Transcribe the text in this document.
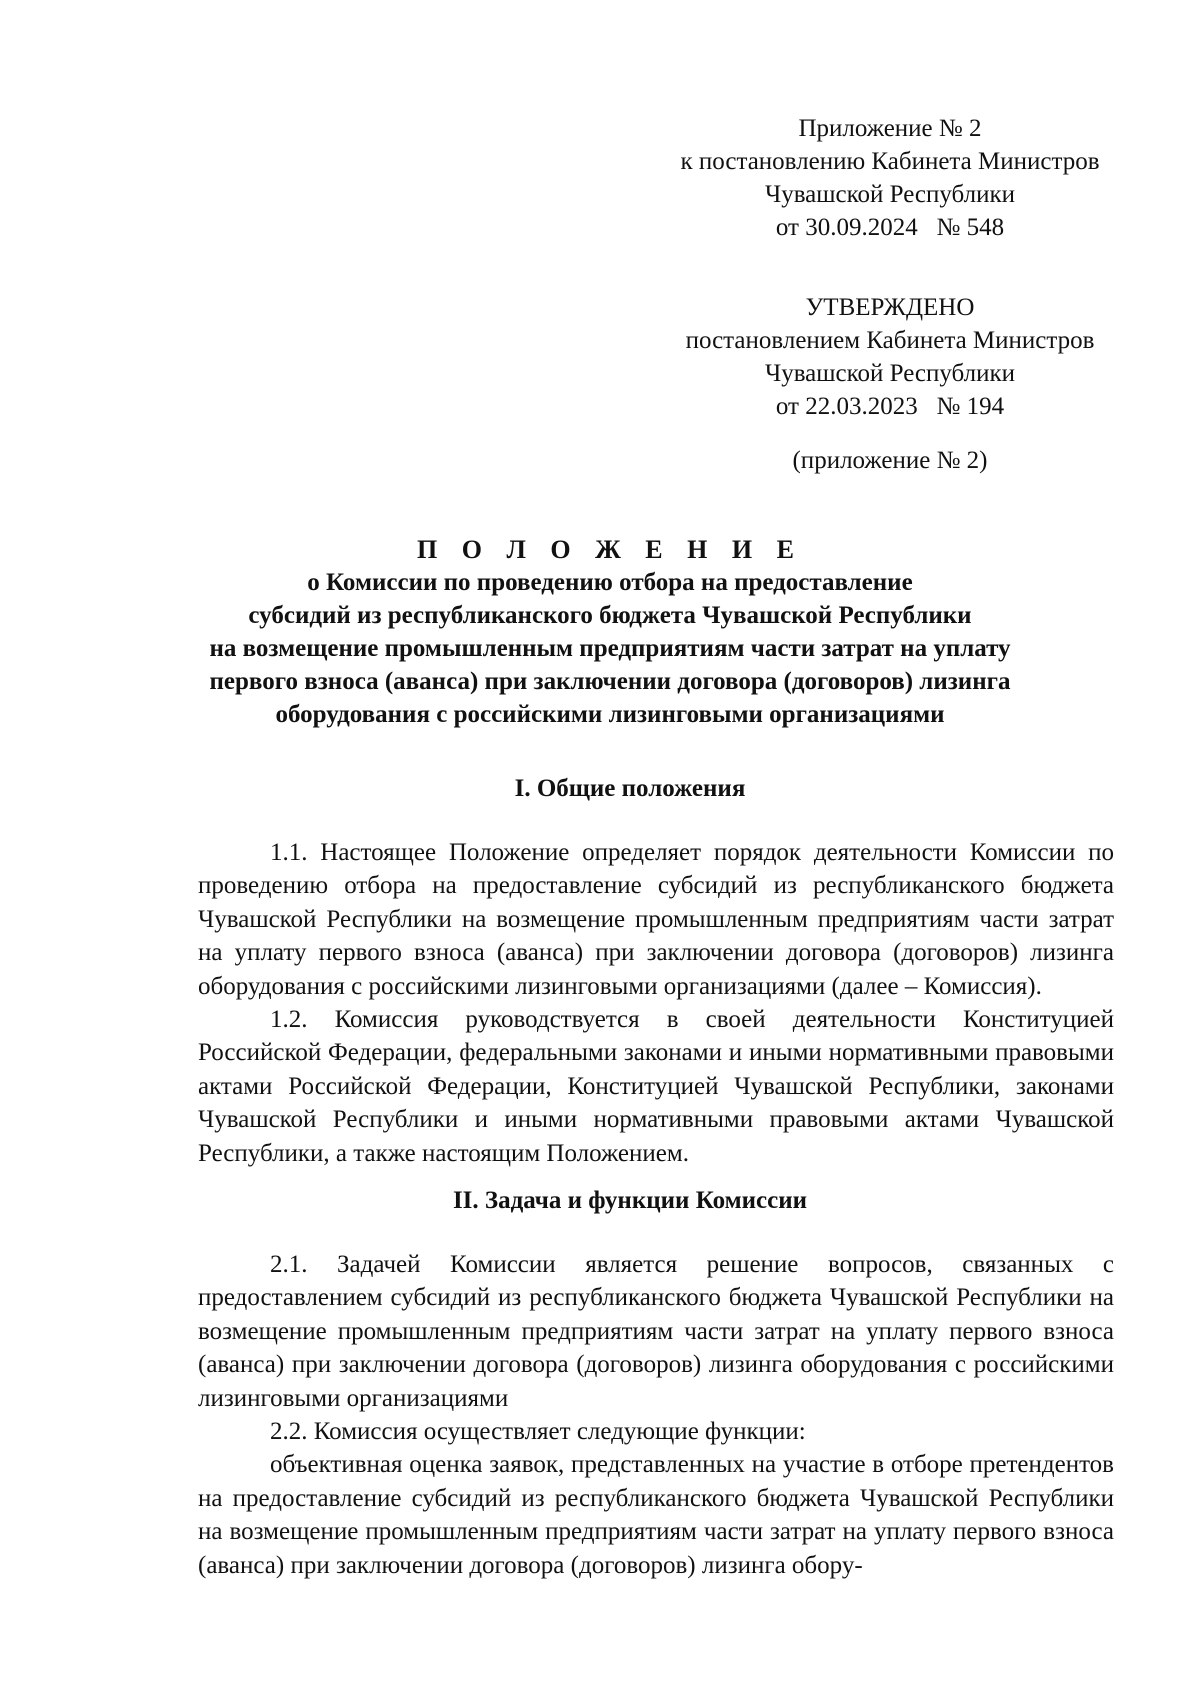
Приложение № 2
к постановлению Кабинета Министров
Чувашской Республики
от 30.09.2024   № 548
УТВЕРЖДЕНО
постановлением Кабинета Министров
Чувашской Республики
от 22.03.2023   № 194
(приложение № 2)
П О Л О Ж Е Н И Е
о Комиссии по проведению отбора на предоставление
субсидий из республиканского бюджета Чувашской Республики
на возмещение промышленным предприятиям части затрат на уплату
первого взноса (аванса) при заключении договора (договоров) лизинга
оборудования с российскими лизинговыми организациями
I. Общие положения

1.1. Настоящее Положение определяет порядок деятельности Комиссии по проведению отбора на предоставление субсидий из республиканского бюджета Чувашской Республики на возмещение промышленным предприятиям части затрат на уплату первого взноса (аванса) при заключении договора (договоров) лизинга оборудования с российскими лизинговыми организациями (далее – Комиссия).

1.2. Комиссия руководствуется в своей деятельности Конституцией Российской Федерации, федеральными законами и иными нормативными правовыми актами Российской Федерации, Конституцией Чувашской Республики, законами Чувашской Республики и иными нормативными правовыми актами Чувашской Республики, а также настоящим Положением.

II. Задача и функции Комиссии

2.1. Задачей Комиссии является решение вопросов, связанных с предоставлением субсидий из республиканского бюджета Чувашской Республики на возмещение промышленным предприятиям части затрат на уплату первого взноса (аванса) при заключении договора (договоров) лизинга оборудования с российскими лизинговыми организациями

2.2. Комиссия осуществляет следующие функции:

объективная оценка заявок, представленных на участие в отборе претендентов на предоставление субсидий из республиканского бюджета Чувашской Республики на возмещение промышленным предприятиям части затрат на уплату первого взноса (аванса) при заключении договора (договоров) лизинга обору-
